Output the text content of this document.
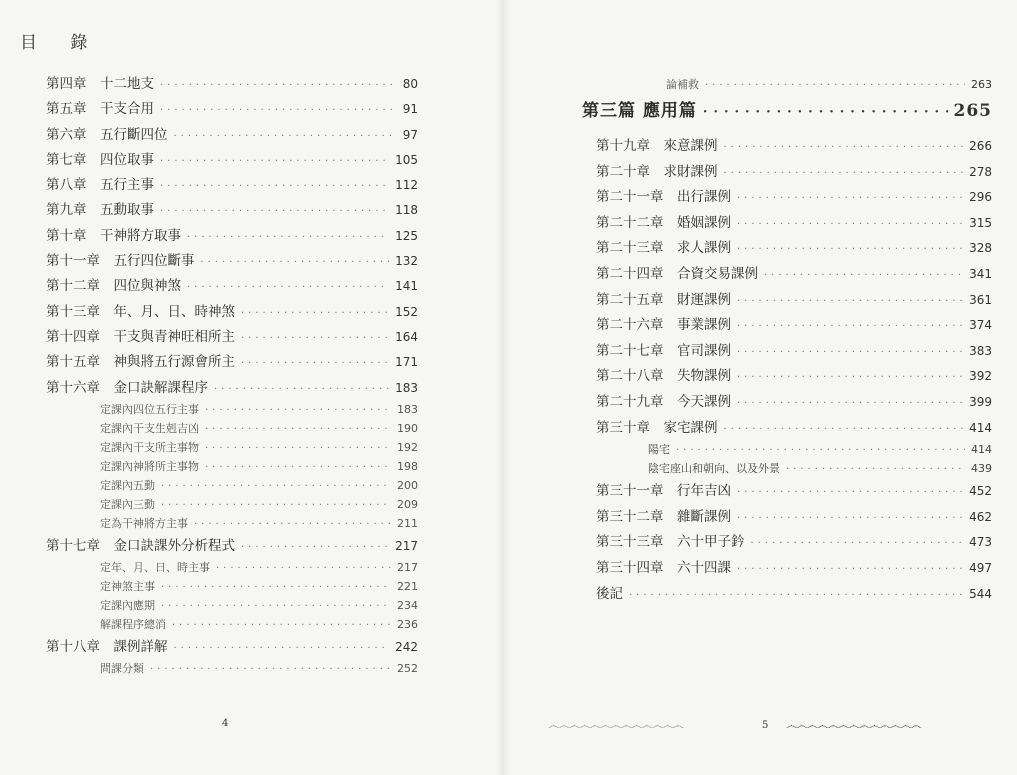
目 錄
第四章　十二地支 ·····	80
第五章　干支合用 ·····	91
第六章　五行斷四位 ·····	97
第七章　四位取事 ·····	105
第八章　五行主事 ·····	112
第九章　五動取事 ·····	118
第十章　干神將方取事 ·····	125
第十一章　五行四位斷事 ·····	132
第十二章　四位與神煞 ·····	141
第十三章　年、月、日、時神煞 ·····	152
第十四章　干支與青神旺相所主 ·····	164
第十五章　神與將五行源會所主 ·····	171
第十六章　金口訣解課程序 ·····	183
定課內四位五行主事 ·····	183
定課內干支生剋吉凶 ·····	190
定課內干支所主事物 ·····	192
定課內神將所主事物 ·····	198
定課內五動 ·····	200
定課內三動 ·····	209
定為干神將方主事 ·····	211
第十七章　金口訣課外分析程式 ·····	217
定年、月、日、時主事 ·····	217
定神煞主事 ·····	221
定課內應期 ·····	234
解課程序總消 ·····	236
第十八章　課例詳解 ·····	242
問課分類 ·····	252
4
論補救 ·····	263
第三篇 應用篇 ·····	265
第十九章　來意課例 ·····	266
第二十章　求財課例 ·····	278
第二十一章　出行課例 ·····	296
第二十二章　婚姻課例 ·····	315
第二十三章　求人課例 ·····	328
第二十四章　合資交易課例 ·····	341
第二十五章　財運課例 ·····	361
第二十六章　事業課例 ·····	374
第二十七章　官司課例 ·····	383
第二十八章　失物課例 ·····	392
第二十九章　今天課例 ·····	399
第三十章　家宅課例 ·····	414
陽宅 ·····	414
陰宅座山和朝向、以及外景 ·····	439
第三十一章　行年吉凶 ·····	452
第三十二章　雜斷課例 ·····	462
第三十三章　六十甲子鈐 ·····	473
第三十四章　六十四課 ·····	497
後記 ·····	544
෴෴෴෴෴෴෴෴෴෴෴෴෴	5 ෴෴෴෴෴෴෴෴෴෴෴෴෴
